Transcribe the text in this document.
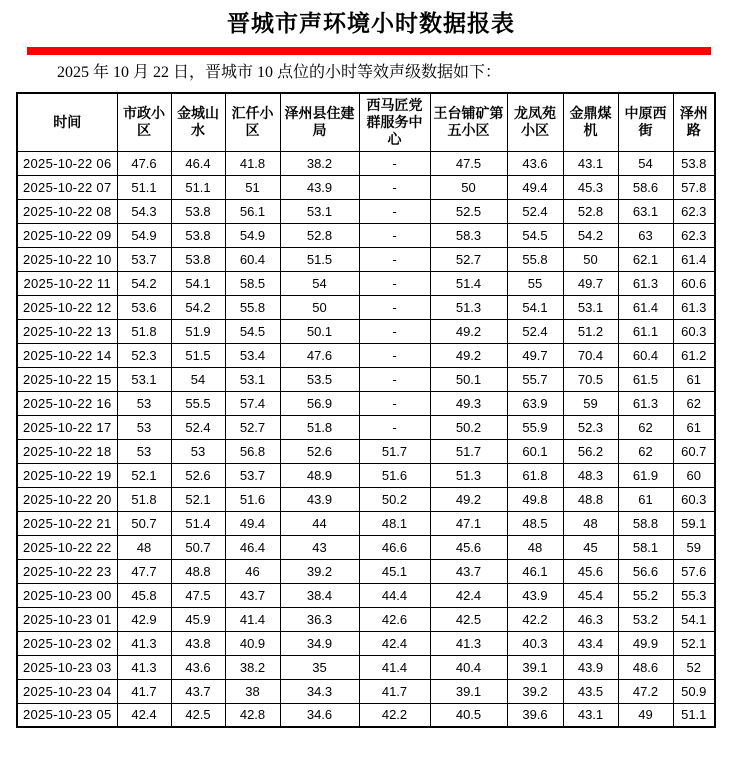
晋城市声环境小时数据报表
2025 年 10 月 22 日，晋城市 10 点位的小时等效声级数据如下：
时间	市政小区	金城山水	汇仟小区	泽州县住建局	西马匠党群服务中心	王台铺矿第五小区	龙凤苑小区	金鼎煤机	中原西街	泽州路
2025-10-22 06	47.6	46.4	41.8	38.2	-	47.5	43.6	43.1	54	53.8
2025-10-22 07	51.1	51.1	51	43.9	-	50	49.4	45.3	58.6	57.8
2025-10-22 08	54.3	53.8	56.1	53.1	-	52.5	52.4	52.8	63.1	62.3
2025-10-22 09	54.9	53.8	54.9	52.8	-	58.3	54.5	54.2	63	62.3
2025-10-22 10	53.7	53.8	60.4	51.5	-	52.7	55.8	50	62.1	61.4
2025-10-22 11	54.2	54.1	58.5	54	-	51.4	55	49.7	61.3	60.6
2025-10-22 12	53.6	54.2	55.8	50	-	51.3	54.1	53.1	61.4	61.3
2025-10-22 13	51.8	51.9	54.5	50.1	-	49.2	52.4	51.2	61.1	60.3
2025-10-22 14	52.3	51.5	53.4	47.6	-	49.2	49.7	70.4	60.4	61.2
2025-10-22 15	53.1	54	53.1	53.5	-	50.1	55.7	70.5	61.5	61
2025-10-22 16	53	55.5	57.4	56.9	-	49.3	63.9	59	61.3	62
2025-10-22 17	53	52.4	52.7	51.8	-	50.2	55.9	52.3	62	61
2025-10-22 18	53	53	56.8	52.6	51.7	51.7	60.1	56.2	62	60.7
2025-10-22 19	52.1	52.6	53.7	48.9	51.6	51.3	61.8	48.3	61.9	60
2025-10-22 20	51.8	52.1	51.6	43.9	50.2	49.2	49.8	48.8	61	60.3
2025-10-22 21	50.7	51.4	49.4	44	48.1	47.1	48.5	48	58.8	59.1
2025-10-22 22	48	50.7	46.4	43	46.6	45.6	48	45	58.1	59
2025-10-22 23	47.7	48.8	46	39.2	45.1	43.7	46.1	45.6	56.6	57.6
2025-10-23 00	45.8	47.5	43.7	38.4	44.4	42.4	43.9	45.4	55.2	55.3
2025-10-23 01	42.9	45.9	41.4	36.3	42.6	42.5	42.2	46.3	53.2	54.1
2025-10-23 02	41.3	43.8	40.9	34.9	42.4	41.3	40.3	43.4	49.9	52.1
2025-10-23 03	41.3	43.6	38.2	35	41.4	40.4	39.1	43.9	48.6	52
2025-10-23 04	41.7	43.7	38	34.3	41.7	39.1	39.2	43.5	47.2	50.9
2025-10-23 05	42.4	42.5	42.8	34.6	42.2	40.5	39.6	43.1	49	51.1
